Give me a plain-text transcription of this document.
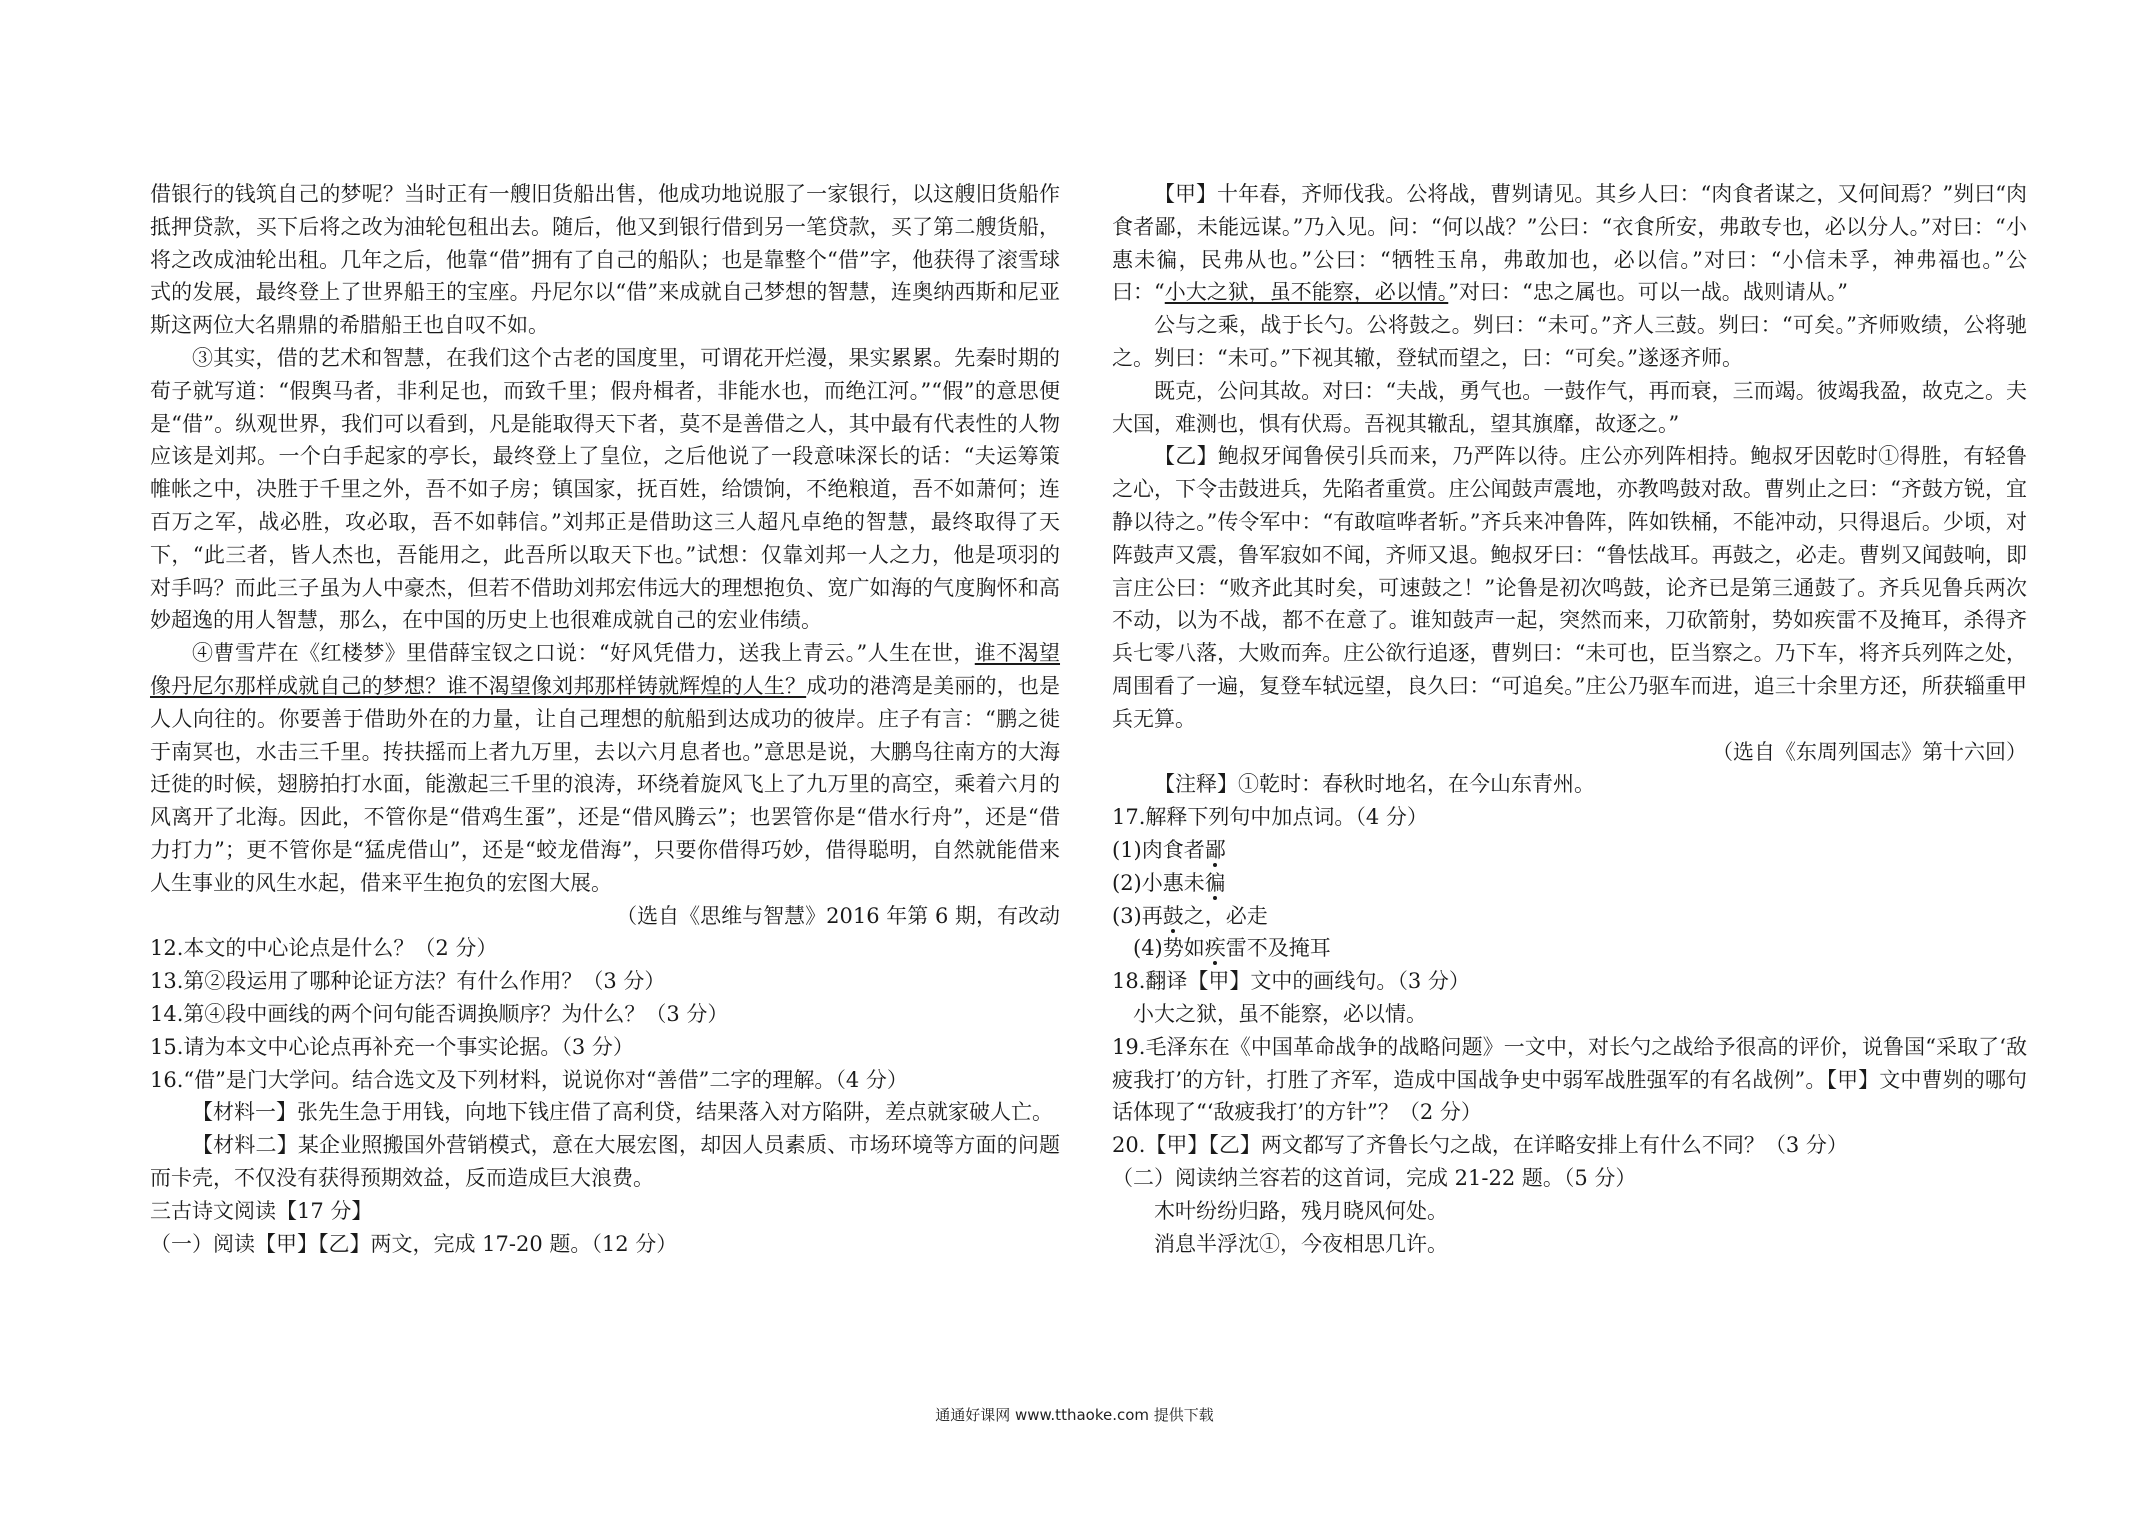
借银行的钱筑自己的梦呢？当时正有一艘旧货船出售，他成功地说服了一家银行，以这艘旧货船作抵押贷款，买下后将之改为油轮包租出去。随后，他又到银行借到另一笔贷款，买了第二艘货船，将之改成油轮出租。几年之后，他靠“借”拥有了自己的船队；也是靠整个“借”字，他获得了滚雪球式的发展，最终登上了世界船王的宝座。丹尼尔以“借”来成就自己梦想的智慧，连奥纳西斯和尼亚斯这两位大名鼎鼎的希腊船王也自叹不如。

③其实，借的艺术和智慧，在我们这个古老的国度里，可谓花开烂漫，果实累累。先秦时期的荀子就写道：“假舆马者，非利足也，而致千里；假舟楫者，非能水也，而绝江河。”“假”的意思便是“借”。纵观世界，我们可以看到，凡是能取得天下者，莫不是善借之人，其中最有代表性的人物应该是刘邦。一个白手起家的亭长，最终登上了皇位，之后他说了一段意味深长的话：“夫运筹策帷帐之中，决胜于千里之外，吾不如子房；镇国家，抚百姓，给馈饷，不绝粮道，吾不如萧何；连百万之军，战必胜，攻必取，吾不如韩信。”刘邦正是借助这三人超凡卓绝的智慧，最终取得了天下，“此三者，皆人杰也，吾能用之，此吾所以取天下也。”试想：仅靠刘邦一人之力，他是项羽的对手吗？而此三子虽为人中豪杰，但若不借助刘邦宏伟远大的理想抱负、宽广如海的气度胸怀和高妙超逸的用人智慧，那么，在中国的历史上也很难成就自己的宏业伟绩。

④曹雪芹在《红楼梦》里借薛宝钗之口说：“好风凭借力，送我上青云。”人生在世，谁不渴望像丹尼尔那样成就自己的梦想？谁不渴望像刘邦那样铸就辉煌的人生？成功的港湾是美丽的，也是人人向往的。你要善于借助外在的力量，让自己理想的航船到达成功的彼岸。庄子有言：“鹏之徙于南冥也，水击三千里。抟扶摇而上者九万里，去以六月息者也。”意思是说，大鹏鸟往南方的大海迁徙的时候，翅膀拍打水面，能激起三千里的浪涛，环绕着旋风飞上了九万里的高空，乘着六月的风离开了北海。因此，不管你是“借鸡生蛋”，还是“借风腾云”；也罢管你是“借水行舟”，还是“借力打力”；更不管你是“猛虎借山”，还是“蛟龙借海”，只要你借得巧妙，借得聪明，自然就能借来人生事业的风生水起，借来平生抱负的宏图大展。

（选自《思维与智慧》2016 年第 6 期，有改动

12.本文的中心论点是什么？（2 分）

13.第②段运用了哪种论证方法？有什么作用？（3 分）

14.第④段中画线的两个问句能否调换顺序？为什么？（3 分）

15.请为本文中心论点再补充一个事实论据。（3 分）

16.“借”是门大学问。结合选文及下列材料，说说你对“善借”二字的理解。（4 分）

【材料一】张先生急于用钱，向地下钱庄借了高利贷，结果落入对方陷阱，差点就家破人亡。

【材料二】某企业照搬国外营销模式，意在大展宏图，却因人员素质、市场环境等方面的问题而卡壳，不仅没有获得预期效益，反而造成巨大浪费。

三古诗文阅读【17 分】

（一）阅读【甲】【乙】两文，完成 17-20 题。（12 分）

【甲】十年春，齐师伐我。公将战，曹刿请见。其乡人曰：“肉食者谋之，又何间焉？”刿曰“肉食者鄙，未能远谋。”乃入见。问：“何以战？”公曰：“衣食所安，弗敢专也，必以分人。”对曰：“小惠未徧，民弗从也。”公曰：“牺牲玉帛，弗敢加也，必以信。”对曰：“小信未孚，神弗福也。”公曰：“小大之狱，虽不能察，必以情。”对曰：“忠之属也。可以一战。战则请从。”

公与之乘，战于长勺。公将鼓之。刿曰：“未可。”齐人三鼓。刿曰：“可矣。”齐师败绩，公将驰之。刿曰：“未可。”下视其辙，登轼而望之，曰：“可矣。”遂逐齐师。

既克，公问其故。对曰：“夫战，勇气也。一鼓作气，再而衰，三而竭。彼竭我盈，故克之。夫大国，难测也，惧有伏焉。吾视其辙乱，望其旗靡，故逐之。”

【乙】鲍叔牙闻鲁侯引兵而来，乃严阵以待。庄公亦列阵相持。鲍叔牙因乾时①得胜，有轻鲁之心，下令击鼓进兵，先陷者重赏。庄公闻鼓声震地，亦教鸣鼓对敌。曹刿止之曰：“齐鼓方锐，宜静以待之。”传令军中：“有敢喧哗者斩。”齐兵来冲鲁阵，阵如铁桶，不能冲动，只得退后。少顷，对阵鼓声又震，鲁军寂如不闻，齐师又退。鲍叔牙曰：“鲁怯战耳。再鼓之，必走。曹刿又闻鼓响，即言庄公曰：“败齐此其时矣，可速鼓之！”论鲁是初次鸣鼓，论齐已是第三通鼓了。齐兵见鲁兵两次不动，以为不战，都不在意了。谁知鼓声一起，突然而来，刀砍箭射，势如疾雷不及掩耳，杀得齐兵七零八落，大败而奔。庄公欲行追逐，曹刿曰：“未可也，臣当察之。乃下车，将齐兵列阵之处，周围看了一遍，复登车轼远望，良久曰：“可追矣。”庄公乃驱车而进，追三十余里方还，所获辎重甲兵无算。

（选自《东周列国志》第十六回）

【注释】①乾时：春秋时地名，在今山东青州。

17.解释下列句中加点词。（4 分）

(1)肉食者鄙

(2)小惠未徧

(3)再鼓之，必走

(4)势如疾雷不及掩耳

18.翻译【甲】文中的画线句。（3 分）

小大之狱，虽不能察，必以情。

19.毛泽东在《中国革命战争的战略问题》一文中，对长勺之战给予很高的评价，说鲁国“采取了‘敌疲我打’的方针，打胜了齐军，造成中国战争史中弱军战胜强军的有名战例”。【甲】文中曹刿的哪句话体现了“‘敌疲我打’的方针”？（2 分）

20.【甲】【乙】两文都写了齐鲁长勺之战，在详略安排上有什么不同？（3 分）

（二）阅读纳兰容若的这首词，完成 21-22 题。（5 分）

木叶纷纷归路，残月晓风何处。

消息半浮沈①，今夜相思几许。

通通好课网 www.tthaoke.com 提供下载
